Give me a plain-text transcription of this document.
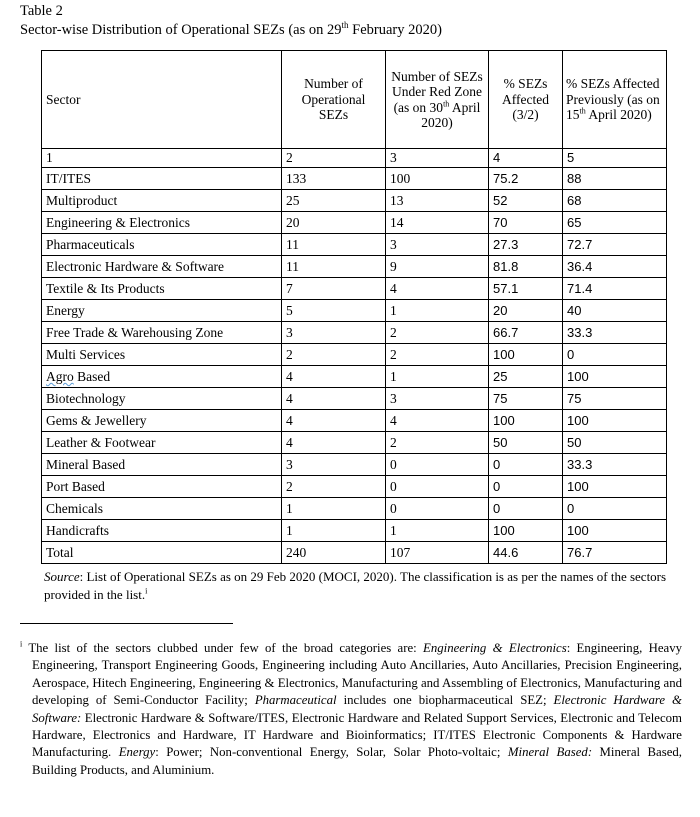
Table 2
Sector-wise Distribution of Operational SEZs (as on 29th February 2020)
Sector	Number of Operational SEZs	Number of SEZs Under Red Zone (as on 30th April 2020)	% SEZs Affected (3/2)	% SEZs Affected Previously (as on 15th April 2020)
1	2	3	4	5
IT/ITES	133	100	75.2	88
Multiproduct	25	13	52	68
Engineering & Electronics	20	14	70	65
Pharmaceuticals	11	3	27.3	72.7
Electronic Hardware & Software	11	9	81.8	36.4
Textile & Its Products	7	4	57.1	71.4
Energy	5	1	20	40
Free Trade & Warehousing Zone	3	2	66.7	33.3
Multi Services	2	2	100	0
Agro Based	4	1	25	100
Biotechnology	4	3	75	75
Gems & Jewellery	4	4	100	100
Leather & Footwear	4	2	50	50
Mineral Based	3	0	0	33.3
Port Based	2	0	0	100
Chemicals	1	0	0	0
Handicrafts	1	1	100	100
Total	240	107	44.6	76.7
Source: List of Operational SEZs as on 29 Feb 2020 (MOCI, 2020). The classification is as per the names of the sectors provided in the list.$^i$
$^i$ The list of the sectors clubbed under few of the broad categories are: Engineering & Electronics: Engineering, Heavy Engineering, Transport Engineering Goods, Engineering including Auto Ancillaries, Auto Ancillaries, Precision Engineering, Aerospace, Hitech Engineering, Engineering & Electronics, Manufacturing and Assembling of Electronics, Manufacturing and developing of Semi-Conductor Facility; Pharmaceutical includes one biopharmaceutical SEZ; Electronic Hardware & Software: Electronic Hardware & Software/ITES, Electronic Hardware and Related Support Services, Electronic and Telecom Hardware, Electronics and Hardware, IT Hardware and Bioinformatics; IT/ITES Electronic Components & Hardware Manufacturing. Energy: Power; Non-conventional Energy, Solar, Solar Photo-voltaic; Mineral Based: Mineral Based, Building Products, and Aluminium.
